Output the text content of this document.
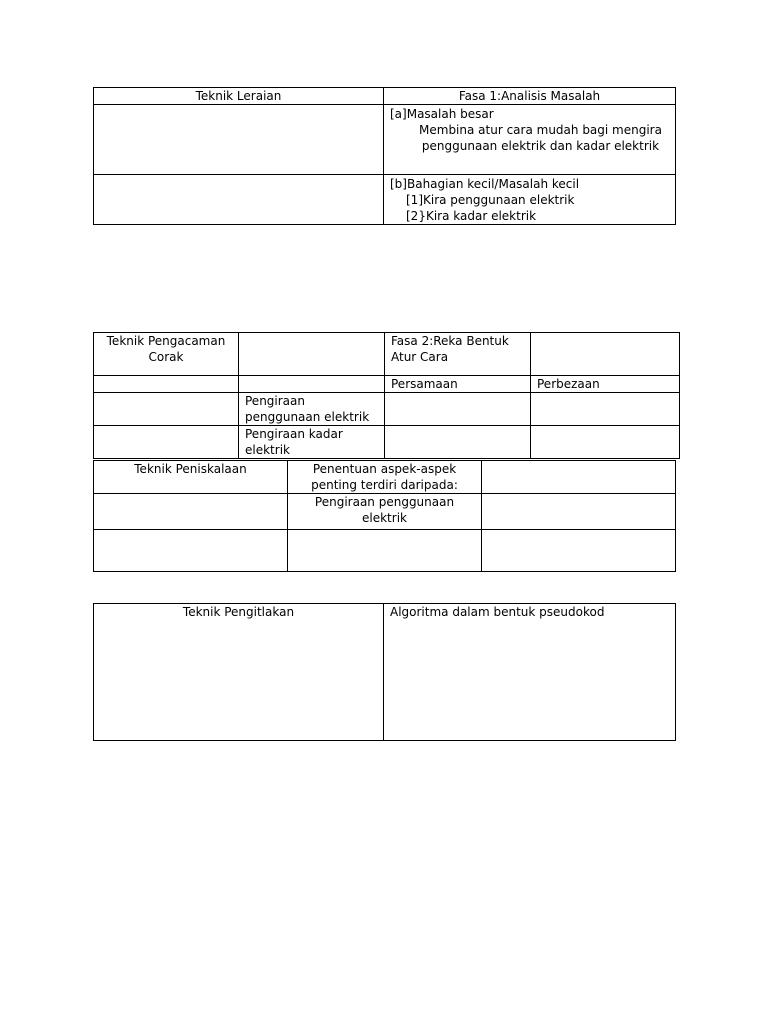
Teknik Leraian	Fasa 1:Analisis Masalah
	[a]Masalah besar
Membina atur cara mudah bagi mengira penggunaan elektrik dan kadar elektrik

	[b]Bahagian kecil/Masalah kecil
[1]Kira penggunaan elektrik
[2}Kira kadar elektrik
Teknik Pengacaman Corak		Fasa 2:Reka Bentuk Atur Cara	
		Persamaan	Perbezaan
	Pengiraan penggunaan elektrik		
	Pengiraan kadar elektrik		
Teknik Peniskalaan	Penentuan aspek-aspek penting terdiri daripada:	
	Pengiraan penggunaan elektrik	

Teknik Pengitlakan	Algoritma dalam bentuk pseudokod
